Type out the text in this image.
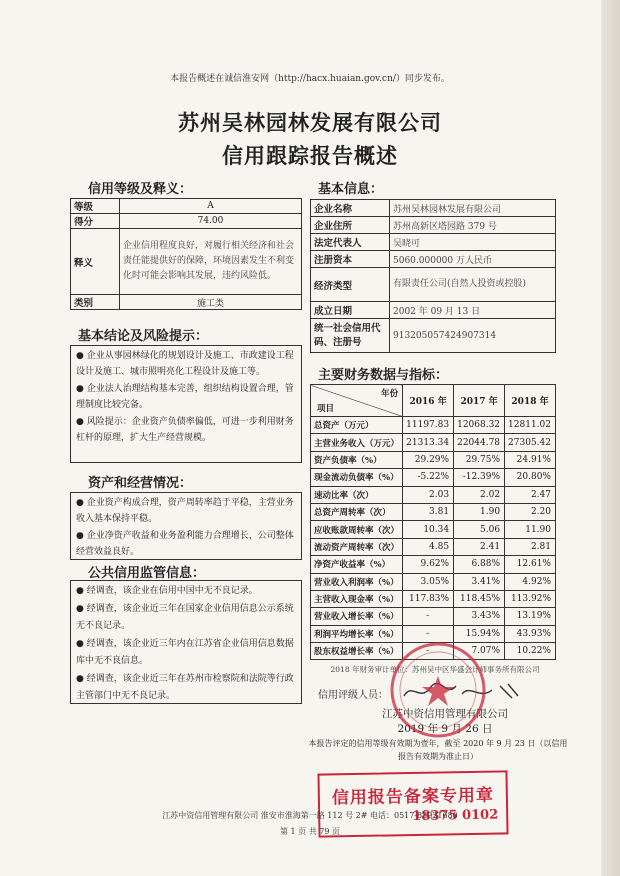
本报告概述在诚信淮安网（http://hacx.huaian.gov.cn/）同步发布。
苏州吴林园林发展有限公司
信用跟踪报告概述
信用等级及释义：
等级	A
得分	74.00
释义	企业信用程度良好，对履行相关经济和社会责任能提供好的保障，环境因素发生不利变化时可能会影响其发展，违约风险低。
类别	施工类
基本信息：
企业名称	苏州吴林园林发展有限公司
企业住所	苏州高新区塔园路 379 号
法定代表人	吴晓可
注册资本	5060.000000 万人民币
经济类型	有限责任公司(自然人投资或控股)
成立日期	2002 年 09 月 13 日
统一社会信用代码、注册号	913205057424907314
基本结论及风险提示：

● 企业从事园林绿化的规划设计及施工、市政建设工程设计及施工、城市照明亮化工程设计及施工等。

● 企业法人治理结构基本完善，组织结构设置合理，管理制度比较完备。

● 风险提示：企业资产负债率偏低，可进一步利用财务杠杆的原理，扩大生产经营规模。

资产和经营情况：

● 企业资产构成合理，资产周转率趋于平稳，主营业务收入基本保持平稳。

● 企业净资产收益和业务盈利能力合理增长，公司整体经营效益良好。

公共信用监管信息：

● 经调查，该企业在信用中国中无不良记录。

● 经调查，该企业近三年在国家企业信用信息公示系统无不良记录。

● 经调查，该企业近三年内在江苏省企业信用信息数据库中无不良信息。

● 经调查，该企业近三年在苏州市检察院和法院等行政主管部门中无不良记录。

主要财务数据与指标：
年份
项目	2016 年	2017 年	2018 年
总资产（万元）	11197.83	12068.32	12811.02
主营业务收入（万元）	21313.34	22044.78	27305.42
资产负债率（%）	29.29%	29.75%	24.91%
现金流动负债率（%）	-5.22%	-12.39%	20.80%
速动比率（次）	2.03	2.02	2.47
总资产周转率（次）	3.81	1.90	2.20
应收账款周转率（次）	10.34	5.06	11.90
流动资产周转率（次）	4.85	2.41	2.81
净资产收益率（%）	9.62%	6.88%	12.61%
营业收入利润率（%）	3.05%	3.41%	4.92%
主营收入现金率（%）	117.83%	118.45%	113.92%
营业收入增长率（%）	-	3.43%	13.19%
利润平均增长率（%）	-	15.94%	43.93%
股东权益增长率（%）	-	7.07%	10.22%
2018 年财务审计单位：苏州吴中区华盛会计师事务所有限公司
信用评级人员：
江苏中资信用管理有限公司
2019 年 9 月 26 日
本报告评定的信用等级有效期为壹年，截至 2020 年 9 月 23 日（以信用报告有效期为准止日）
信用报告备案专用章
18375 0102
江苏中资信用管理有限公司 淮安市淮海第一路 112 号 2# 电话：0517-83921680
第 1 页 共 79 页
